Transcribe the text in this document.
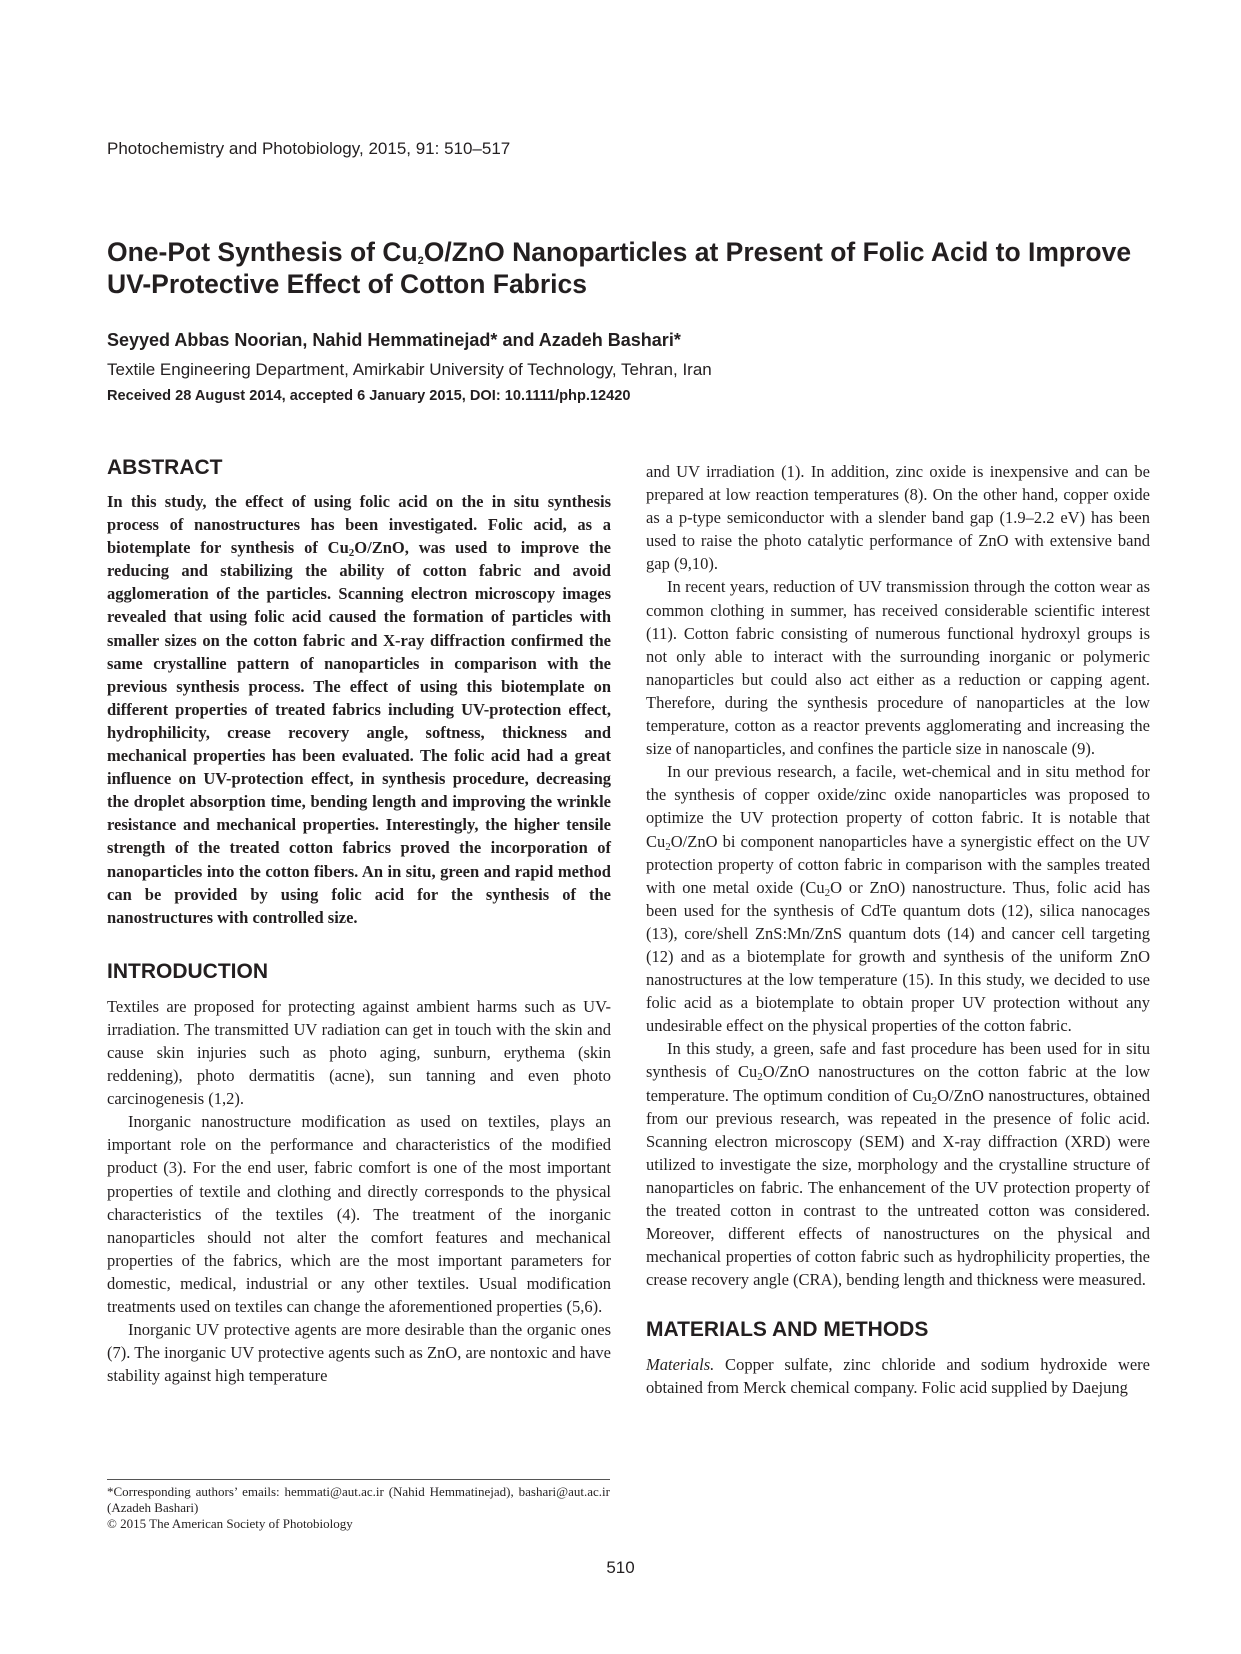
Photochemistry and Photobiology, 2015, 91: 510–517
One-Pot Synthesis of $Cu_2O$/ZnO Nanoparticles at Present of Folic Acid to Improve UV-Protective Effect of Cotton Fabrics
Seyyed Abbas Noorian, Nahid Hemmatinejad* and Azadeh Bashari*
Textile Engineering Department, Amirkabir University of Technology, Tehran, Iran
Received 28 August 2014, accepted 6 January 2015, DOI: 10.1111/php.12420
ABSTRACT

In this study, the effect of using folic acid on the in situ synthesis process of nanostructures has been investigated. Folic acid, as a biotemplate for synthesis of $Cu_2O$/ZnO, was used to improve the reducing and stabilizing the ability of cotton fabric and avoid agglomeration of the particles. Scanning electron microscopy images revealed that using folic acid caused the formation of particles with smaller sizes on the cotton fabric and X-ray diffraction confirmed the same crystalline pattern of nanoparticles in comparison with the previous synthesis process. The effect of using this biotemplate on different properties of treated fabrics including UV-protection effect, hydrophilicity, crease recovery angle, softness, thickness and mechanical properties has been evaluated. The folic acid had a great influence on UV-protection effect, in synthesis procedure, decreasing the droplet absorption time, bending length and improving the wrinkle resistance and mechanical properties. Interestingly, the higher tensile strength of the treated cotton fabrics proved the incorporation of nanoparticles into the cotton fibers. An in situ, green and rapid method can be provided by using folic acid for the synthesis of the nanostructures with controlled size.

INTRODUCTION

Textiles are proposed for protecting against ambient harms such as UV-irradiation. The transmitted UV radiation can get in touch with the skin and cause skin injuries such as photo aging, sunburn, erythema (skin reddening), photo dermatitis (acne), sun tanning and even photo carcinogenesis (1,2).

Inorganic nanostructure modification as used on textiles, plays an important role on the performance and characteristics of the modified product (3). For the end user, fabric comfort is one of the most important properties of textile and clothing and directly corresponds to the physical characteristics of the textiles (4). The treatment of the inorganic nanoparticles should not alter the comfort features and mechanical properties of the fabrics, which are the most important parameters for domestic, medical, industrial or any other textiles. Usual modification treatments used on textiles can change the aforementioned properties (5,6).

Inorganic UV protective agents are more desirable than the organic ones (7). The inorganic UV protective agents such as ZnO, are nontoxic and have stability against high temperature

and UV irradiation (1). In addition, zinc oxide is inexpensive and can be prepared at low reaction temperatures (8). On the other hand, copper oxide as a p-type semiconductor with a slender band gap (1.9–2.2 eV) has been used to raise the photo catalytic performance of ZnO with extensive band gap (9,10).

In recent years, reduction of UV transmission through the cotton wear as common clothing in summer, has received considerable scientific interest (11). Cotton fabric consisting of numerous functional hydroxyl groups is not only able to interact with the surrounding inorganic or polymeric nanoparticles but could also act either as a reduction or capping agent. Therefore, during the synthesis procedure of nanoparticles at the low temperature, cotton as a reactor prevents agglomerating and increasing the size of nanoparticles, and confines the particle size in nanoscale (9).

In our previous research, a facile, wet-chemical and in situ method for the synthesis of copper oxide/zinc oxide nanoparticles was proposed to optimize the UV protection property of cotton fabric. It is notable that $Cu_2O$/ZnO bi component nanoparticles have a synergistic effect on the UV protection property of cotton fabric in comparison with the samples treated with one metal oxide ($Cu_2O$ or ZnO) nanostructure. Thus, folic acid has been used for the synthesis of CdTe quantum dots (12), silica nanocages (13), core/shell ZnS:Mn/ZnS quantum dots (14) and cancer cell targeting (12) and as a biotemplate for growth and synthesis of the uniform ZnO nanostructures at the low temperature (15). In this study, we decided to use folic acid as a biotemplate to obtain proper UV protection without any undesirable effect on the physical properties of the cotton fabric.

In this study, a green, safe and fast procedure has been used for in situ synthesis of $Cu_2O$/ZnO nanostructures on the cotton fabric at the low temperature. The optimum condition of $Cu_2O$/ZnO nanostructures, obtained from our previous research, was repeated in the presence of folic acid. Scanning electron microscopy (SEM) and X-ray diffraction (XRD) were utilized to investigate the size, morphology and the crystalline structure of nanoparticles on fabric. The enhancement of the UV protection property of the treated cotton in contrast to the untreated cotton was considered. Moreover, different effects of nanostructures on the physical and mechanical properties of cotton fabric such as hydrophilicity properties, the crease recovery angle (CRA), bending length and thickness were measured.

MATERIALS AND METHODS

Materials. Copper sulfate, zinc chloride and sodium hydroxide were obtained from Merck chemical company. Folic acid supplied by Daejung

*Corresponding authors’ emails: hemmati@aut.ac.ir (Nahid Hemmatinejad), bashari@aut.ac.ir (Azadeh Bashari)

© 2015 The American Society of Photobiology

510
